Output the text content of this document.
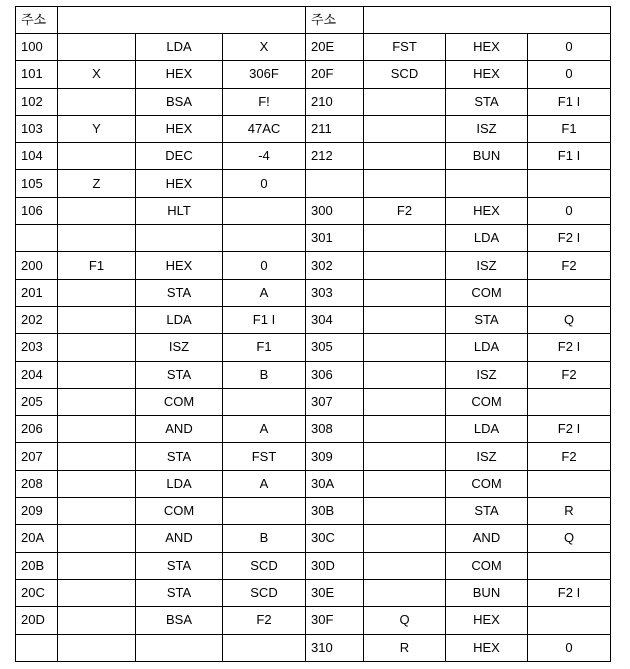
주소				주소			
100		LDA	X	20E	FST	HEX	0
101	X	HEX	306F	20F	SCD	HEX	0
102		BSA	F!	210		STA	F1 I
103	Y	HEX	47AC	211		ISZ	F1
104		DEC	-4	212		BUN	F1 I
105	Z	HEX	0				
106		HLT		300	F2	HEX	0
				301		LDA	F2 I
200	F1	HEX	0	302		ISZ	F2
201		STA	A	303		COM	
202		LDA	F1 I	304		STA	Q
203		ISZ	F1	305		LDA	F2 I
204		STA	B	306		ISZ	F2
205		COM		307		COM	
206		AND	A	308		LDA	F2 I
207		STA	FST	309		ISZ	F2
208		LDA	A	30A		COM	
209		COM		30B		STA	R
20A		AND	B	30C		AND	Q
20B		STA	SCD	30D		COM	
20C		STA	SCD	30E		BUN	F2 I
20D		BSA	F2	30F	Q	HEX	
				310	R	HEX	0
